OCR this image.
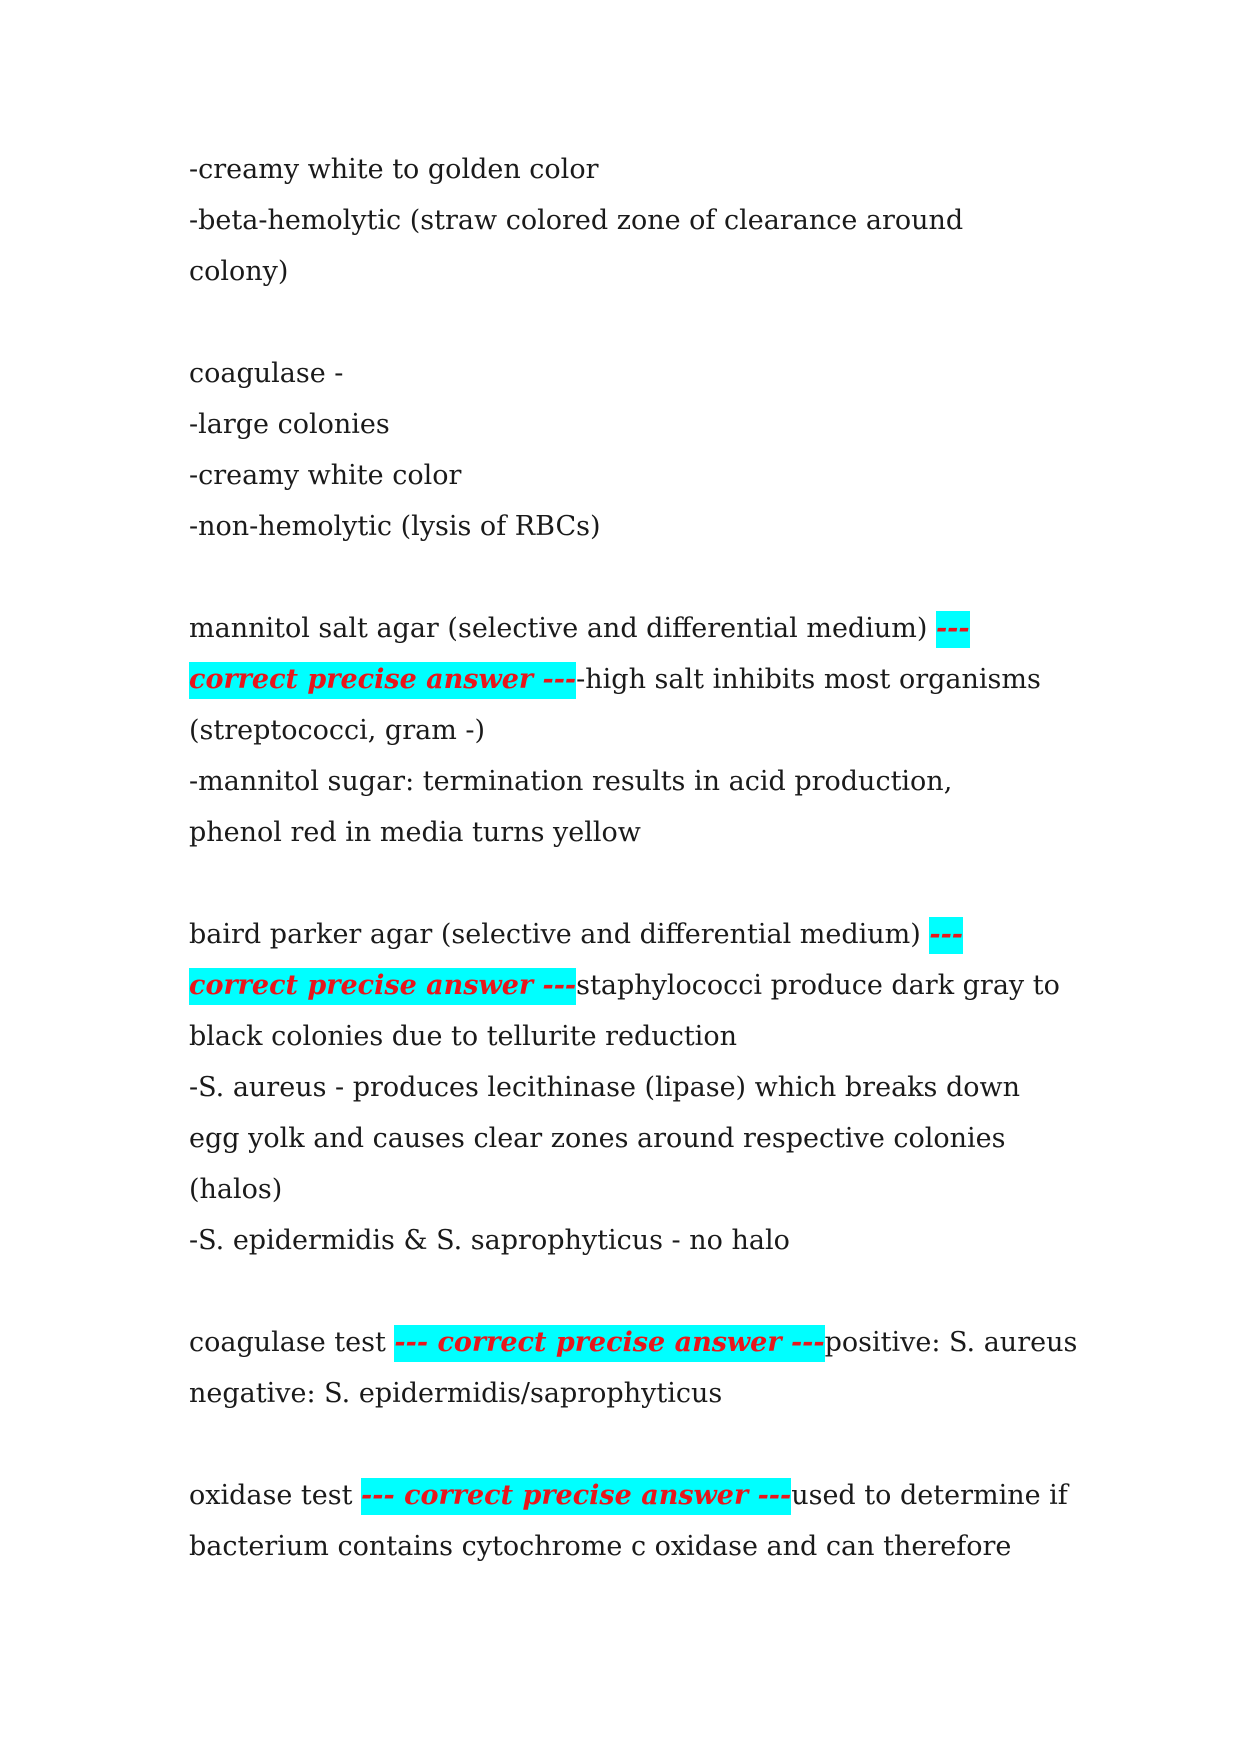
-creamy white to golden color
-beta-hemolytic (straw colored zone of clearance around
colony)
coagulase -
-large colonies
-creamy white color
-non-hemolytic (lysis of RBCs)
mannitol salt agar (selective and differential medium) ---
correct precise answer ----high salt inhibits most organisms
(streptococci, gram -)
-mannitol sugar: termination results in acid production,
phenol red in media turns yellow
baird parker agar (selective and differential medium) ---
correct precise answer ---staphylococci produce dark gray to
black colonies due to tellurite reduction
-S. aureus - produces lecithinase (lipase) which breaks down
egg yolk and causes clear zones around respective colonies
(halos)
-S. epidermidis & S. saprophyticus - no halo
coagulase test --- correct precise answer ---positive: S. aureus
negative: S. epidermidis/saprophyticus
oxidase test --- correct precise answer ---used to determine if
bacterium contains cytochrome c oxidase and can therefore
